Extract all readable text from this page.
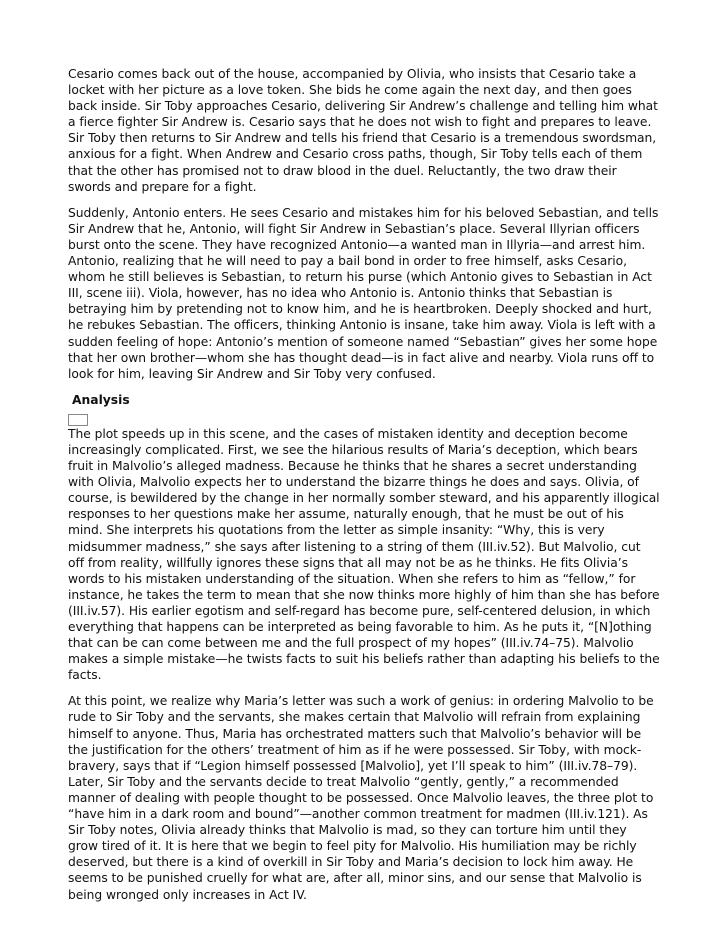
Cesario comes back out of the house, accompanied by Olivia, who insists that Cesario take a locket with her picture as a love token. She bids he come again the next day, and then goes back inside. Sir Toby approaches Cesario, delivering Sir Andrew’s challenge and telling him what a fierce fighter Sir Andrew is. Cesario says that he does not wish to fight and prepares to leave. Sir Toby then returns to Sir Andrew and tells his friend that Cesario is a tremendous swordsman, anxious for a fight. When Andrew and Cesario cross paths, though, Sir Toby tells each of them that the other has promised not to draw blood in the duel. Reluctantly, the two draw their swords and prepare for a fight.

Suddenly, Antonio enters. He sees Cesario and mistakes him for his beloved Sebastian, and tells Sir Andrew that he, Antonio, will fight Sir Andrew in Sebastian’s place. Several Illyrian officers burst onto the scene. They have recognized Antonio—a wanted man in Illyria—and arrest him. Antonio, realizing that he will need to pay a bail bond in order to free himself, asks Cesario, whom he still believes is Sebastian, to return his purse (which Antonio gives to Sebastian in Act III, scene iii). Viola, however, has no idea who Antonio is. Antonio thinks that Sebastian is betraying him by pretending not to know him, and he is heartbroken. Deeply shocked and hurt, he rebukes Sebastian. The officers, thinking Antonio is insane, take him away. Viola is left with a sudden feeling of hope: Antonio’s mention of someone named “Sebastian” gives her some hope that her own brother—whom she has thought dead—is in fact alive and nearby. Viola runs off to look for him, leaving Sir Andrew and Sir Toby very confused.

Analysis

The plot speeds up in this scene, and the cases of mistaken identity and deception become increasingly complicated. First, we see the hilarious results of Maria’s deception, which bears fruit in Malvolio’s alleged madness. Because he thinks that he shares a secret understanding with Olivia, Malvolio expects her to understand the bizarre things he does and says. Olivia, of course, is bewildered by the change in her normally somber steward, and his apparently illogical responses to her questions make her assume, naturally enough, that he must be out of his mind. She interprets his quotations from the letter as simple insanity: “Why, this is very midsummer madness,” she says after listening to a string of them (III.iv.52). But Malvolio, cut off from reality, willfully ignores these signs that all may not be as he thinks. He fits Olivia’s words to his mistaken understanding of the situation. When she refers to him as “fellow,” for instance, he takes the term to mean that she now thinks more highly of him than she has before (III.iv.57). His earlier egotism and self-regard has become pure, self-centered delusion, in which everything that happens can be interpreted as being favorable to him. As he puts it, “[N]othing that can be can come between me and the full prospect of my hopes” (III.iv.74–75). Malvolio makes a simple mistake—he twists facts to suit his beliefs rather than adapting his beliefs to the facts.

At this point, we realize why Maria’s letter was such a work of genius: in ordering Malvolio to be rude to Sir Toby and the servants, she makes certain that Malvolio will refrain from explaining himself to anyone. Thus, Maria has orchestrated matters such that Malvolio’s behavior will be the justification for the others’ treatment of him as if he were possessed. Sir Toby, with mock-bravery, says that if “Legion himself possessed [Malvolio], yet I’ll speak to him” (III.iv.78–79). Later, Sir Toby and the servants decide to treat Malvolio “gently, gently,” a recommended manner of dealing with people thought to be possessed. Once Malvolio leaves, the three plot to “have him in a dark room and bound”—another common treatment for madmen (III.iv.121). As Sir Toby notes, Olivia already thinks that Malvolio is mad, so they can torture him until they grow tired of it. It is here that we begin to feel pity for Malvolio. His humiliation may be richly deserved, but there is a kind of overkill in Sir Toby and Maria’s decision to lock him away. He seems to be punished cruelly for what are, after all, minor sins, and our sense that Malvolio is being wronged only increases in Act IV.
